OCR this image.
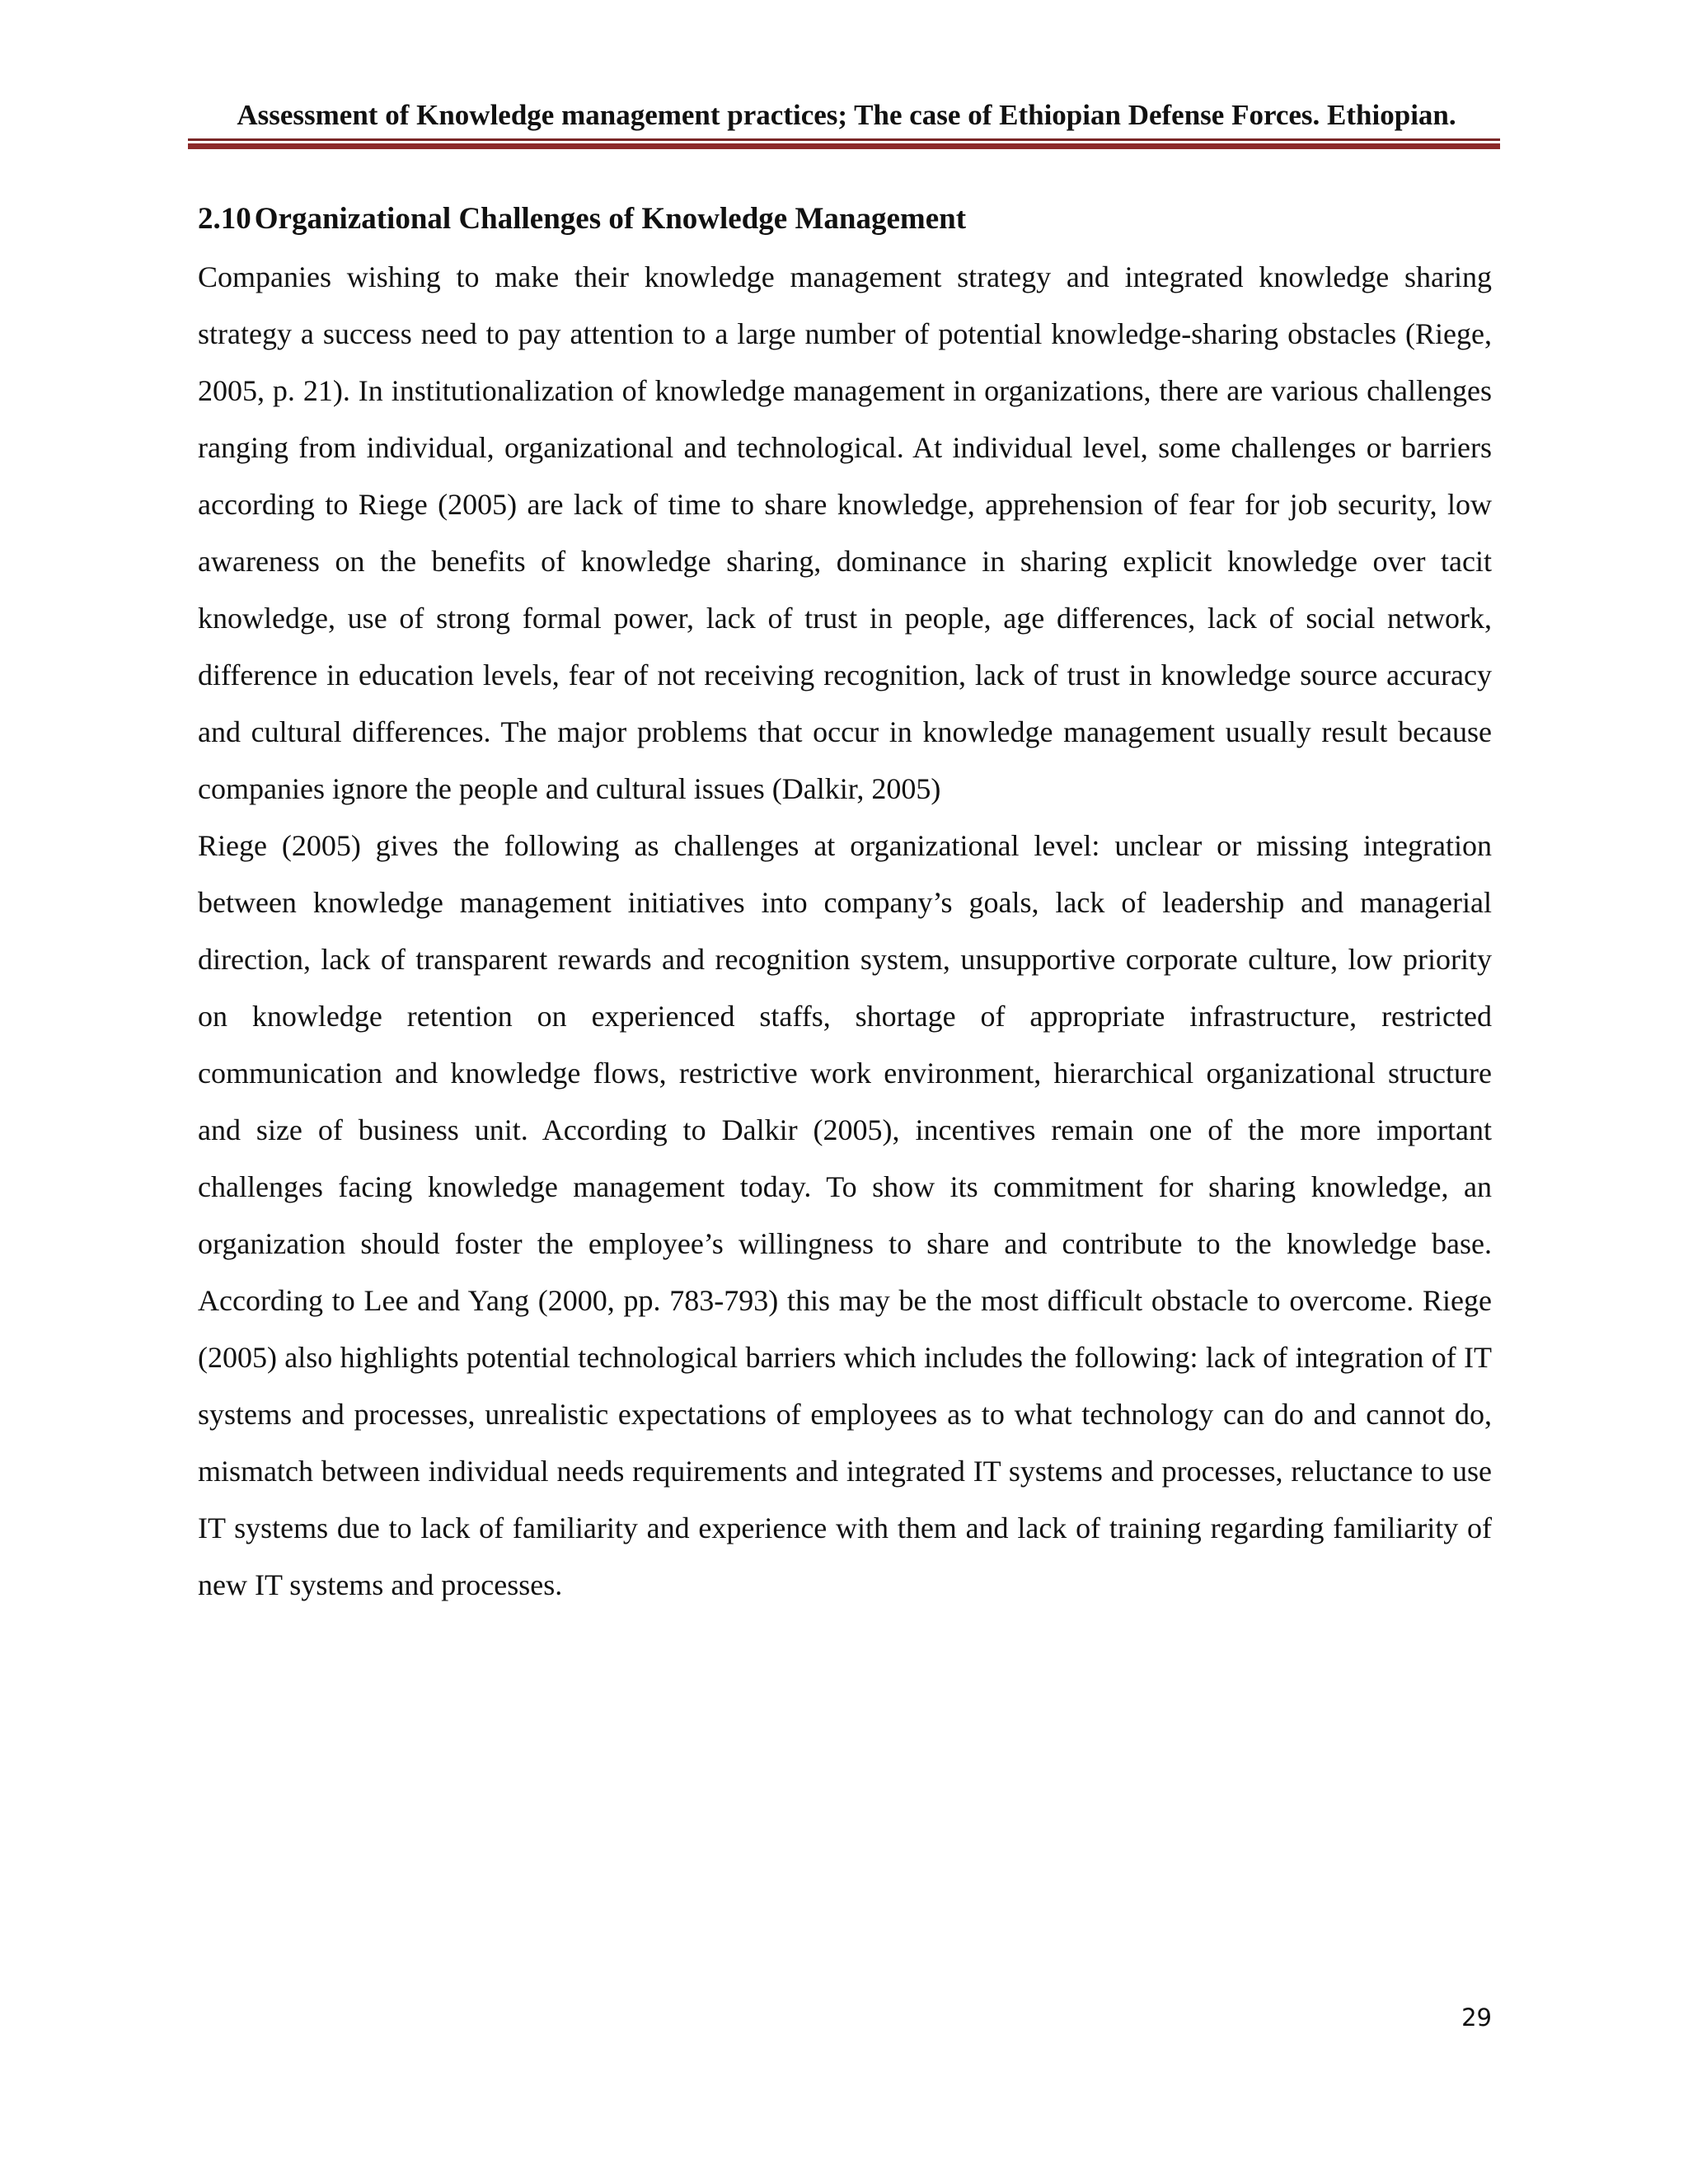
Assessment of Knowledge management practices; The case of Ethiopian Defense Forces. Ethiopian.
2.10 Organizational Challenges of Knowledge Management

Companies wishing to make their knowledge management strategy and integrated knowledge sharing strategy a success need to pay attention to a large number of potential knowledge-sharing obstacles (Riege, 2005, p. 21). In institutionalization of knowledge management in organizations, there are various challenges ranging from individual, organizational and technological. At individual level, some challenges or barriers according to Riege (2005) are lack of time to share knowledge, apprehension of fear for job security, low awareness on the benefits of knowledge sharing, dominance in sharing explicit knowledge over tacit knowledge, use of strong formal power, lack of trust in people, age differences, lack of social network, difference in education levels, fear of not receiving recognition, lack of trust in knowledge source accuracy and cultural differences. The major problems that occur in knowledge management usually result because companies ignore the people and cultural issues (Dalkir, 2005)

Riege (2005) gives the following as challenges at organizational level: unclear or missing integration between knowledge management initiatives into company’s goals, lack of leadership and managerial direction, lack of transparent rewards and recognition system, unsupportive corporate culture, low priority on knowledge retention on experienced staffs, shortage of appropriate infrastructure, restricted communication and knowledge flows, restrictive work environment, hierarchical organizational structure and size of business unit. According to Dalkir (2005), incentives remain one of the more important challenges facing knowledge management today. To show its commitment for sharing knowledge, an organization should foster the employee’s willingness to share and contribute to the knowledge base. According to Lee and Yang (2000, pp. 783-793) this may be the most difficult obstacle to overcome. Riege (2005) also highlights potential technological barriers which includes the following: lack of integration of IT systems and processes, unrealistic expectations of employees as to what technology can do and cannot do, mismatch between individual needs requirements and integrated IT systems and processes, reluctance to use IT systems due to lack of familiarity and experience with them and lack of training regarding familiarity of new IT systems and processes.

29
